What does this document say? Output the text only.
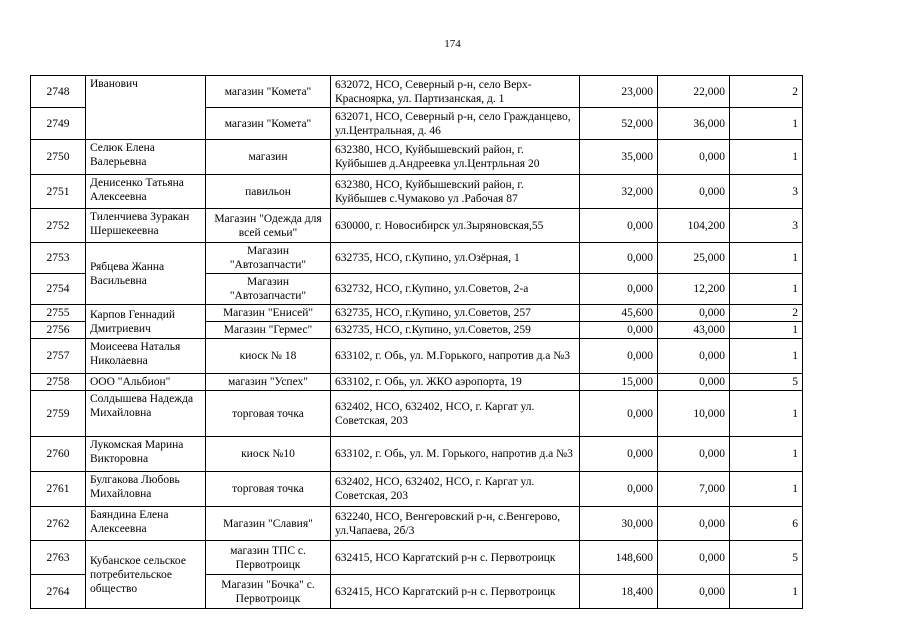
174
2748	Иванович	магазин "Комета"	632072, НСО, Северный р-н, село Верх-Красноярка, ул. Партизанская, д. 1	23,000	22,000	2
2749		магазин "Комета"	632071, НСО, Северный р-н, село Гражданцево, ул.Центральная, д. 46	52,000	36,000	1
2750	Селюк Елена Валерьевна	магазин	632380, НСО, Куйбышевский район, г. Куйбышев д.Андреевка ул.Центрльная 20	35,000	0,000	1
2751	Денисенко Татьяна Алексеевна	павильон	632380, НСО, Куйбышевский район, г. Куйбышев с.Чумаково ул .Рабочая 87	32,000	0,000	3
2752	Тиленчиева Зуракан Шершекеевна	Магазин "Одежда для всей семьи"	630000, г. Новосибирск ул.Зыряновская,55	0,000	104,200	3
2753	Рябцева Жанна Васильевна	Магазин "Автозапчасти"	632735, НСО, г.Купино, ул.Озёрная, 1	0,000	25,000	1
2754		Магазин "Автозапчасти"	632732, НСО, г.Купино, ул.Советов, 2-а	0,000	12,200	1
2755	Карпов Геннадий Дмитриевич	Магазин "Енисей"	632735, НСО, г.Купино, ул.Советов, 257	45,600	0,000	2
2756		Магазин "Гермес"	632735, НСО, г.Купино, ул.Советов, 259	0,000	43,000	1
2757	Моисеева Наталья Николаевна	киоск № 18	633102, г. Обь, ул. М.Горького, напротив д.а №3	0,000	0,000	1
2758	ООО "Альбион"	магазин "Успех"	633102, г. Обь, ул. ЖКО аэропорта, 19	15,000	0,000	5
2759	Солдышева Надежда Михайловна	торговая точка	632402, НСО, 632402, НСО, г. Каргат ул. Советская, 203	0,000	10,000	1
2760	Лукомская Марина Викторовна	киоск №10	633102, г. Обь, ул. М. Горького, напротив д.а №3	0,000	0,000	1
2761	Булгакова Любовь Михайловна	торговая точка	632402, НСО, 632402, НСО, г. Каргат ул. Советская, 203	0,000	7,000	1
2762	Баяндина Елена Алексеевна	Магазин "Славия"	632240, НСО, Венгеровский р-н, с.Венгерово, ул.Чапаева, 2б/3	30,000	0,000	6
2763	Кубанское сельское потребительское общество	магазин ТПС с. Первотроицк	632415, НСО Каргатский р-н с. Первотроицк	148,600	0,000	5
2764		Магазин "Бочка" с. Первотроицк	632415, НСО Каргатский р-н с. Первотроицк	18,400	0,000	1
